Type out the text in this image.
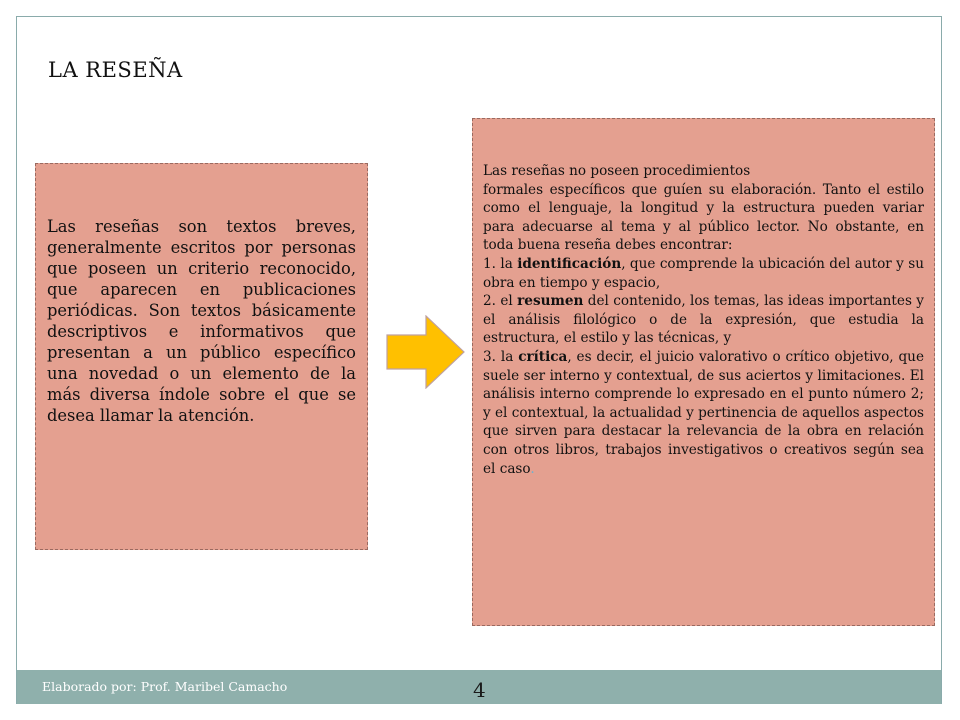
LA RESEÑA

Las reseñas son textos breves, generalmente escritos por personas que poseen un criterio reconocido, que aparecen en publicaciones periódicas. Son textos básicamente descriptivos e informativos que presentan a un público específico una novedad o un elemento de la más diversa índole sobre el que se desea llamar la atención.

Las reseñas no poseen procedimientos

formales específicos que guíen su elaboración. Tanto el estilo como el lenguaje, la longitud y la estructura pueden variar para adecuarse al tema y al público lector. No obstante, en toda buena reseña debes encontrar:

1. la identificación, que comprende la ubicación del autor y su obra en tiempo y espacio,

2. el resumen del contenido, los temas, las ideas importantes y el análisis filológico o de la expresión, que estudia la estructura, el estilo y las técnicas, y

3. la crítica, es decir, el juicio valorativo o crítico objetivo, que suele ser interno y contextual, de sus aciertos y limitaciones. El análisis interno comprende lo expresado en el punto número 2; y el contextual, la actualidad y pertinencia de aquellos aspectos que sirven para destacar la relevancia de la obra en relación con otros libros, trabajos investigativos o creativos según sea el caso.

Elaborado por: Prof. Maribel Camacho	4
